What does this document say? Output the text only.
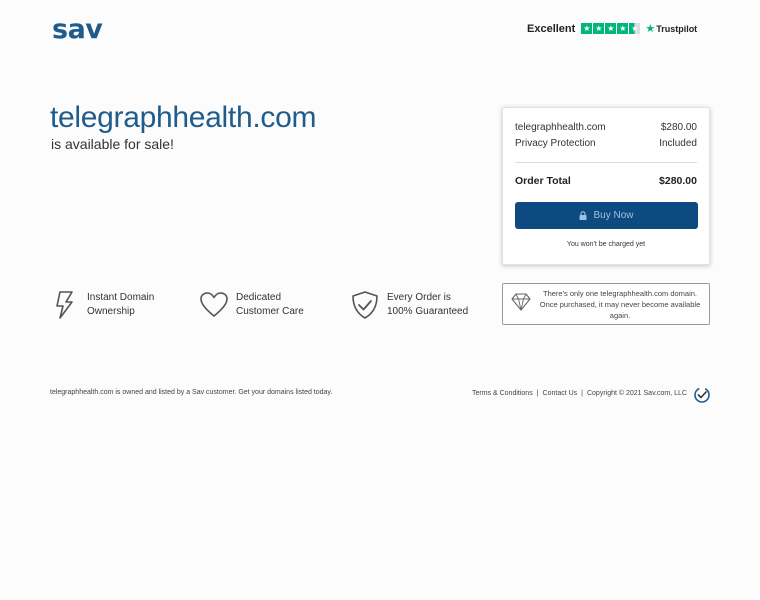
sav	Excellent ★ ★ ★ ★ ★ ★ Trustpilot
telegraphhealth.com
is available for sale!
telegraphhealth.com	$280.00
Privacy Protection	Included
Order Total	$280.00
Buy Now
You won't be charged yet
Instant Domain
Ownership
Dedicated
Customer Care
Every Order is
100% Guaranteed
There's only one telegraphhealth.com domain.
Once purchased, it may never become available
again.
telegraphhealth.com is owned and listed by a Sav customer. Get your domains listed today.	Terms & Conditions | Contact Us | Copyright © 2021 Sav.com, LLC
